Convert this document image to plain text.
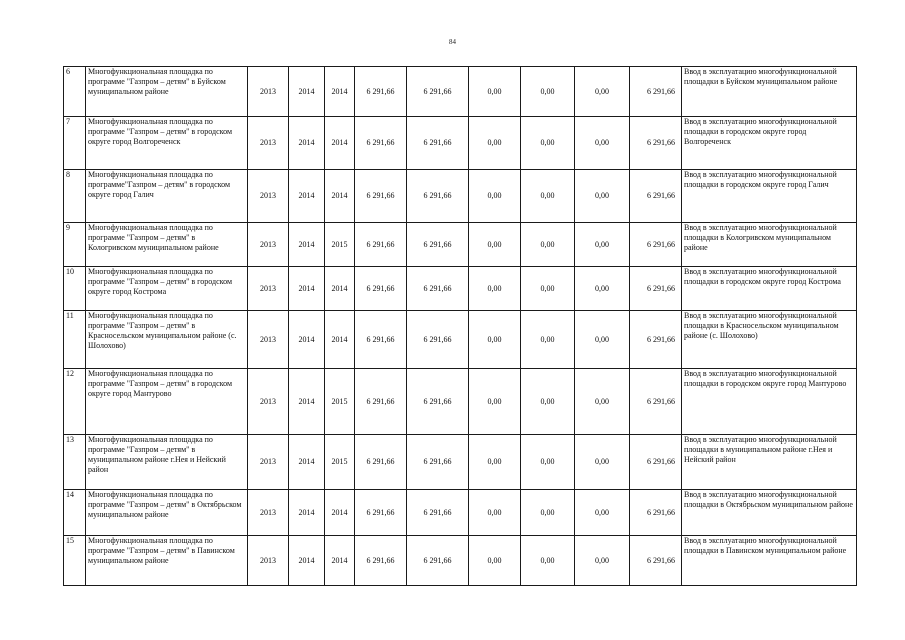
84
6	Многофункциональная площадка по программе "Газпром – детям" в Буйском муниципальном районе	2013	2014	2014	6 291,66	6 291,66	0,00	0,00	0,00	6 291,66	Ввод в эксплуатацию многофункциональной площадки в Буйском муниципальном районе
7	Многофункциональная площадка по программе "Газпром – детям" в городском округе город Волгореченск	2013	2014	2014	6 291,66	6 291,66	0,00	0,00	0,00	6 291,66	Ввод в эксплуатацию многофункциональной площадки в городском округе город Волгореченск
8	Многофункциональная площадка по программе"Газпром – детям" в городском округе город Галич	2013	2014	2014	6 291,66	6 291,66	0,00	0,00	0,00	6 291,66	Ввод в эксплуатацию многофункциональной площадки в городском округе город Галич
9	Многофункциональная площадка по программе "Газпром – детям" в Кологривском муниципальном районе	2013	2014	2015	6 291,66	6 291,66	0,00	0,00	0,00	6 291,66	Ввод в эксплуатацию многофункциональной площадки в Кологривском муниципальном районе
10	Многофункциональная площадка по программе "Газпром – детям" в городском округе город Кострома	2013	2014	2014	6 291,66	6 291,66	0,00	0,00	0,00	6 291,66	Ввод в эксплуатацию многофункциональной площадки в городском округе город Кострома
11	Многофункциональная площадка по программе "Газпром – детям" в Красносельском муниципальном районе (с. Шолохово)	2013	2014	2014	6 291,66	6 291,66	0,00	0,00	0,00	6 291,66	Ввод в эксплуатацию многофункциональной площадки в Красносельском муниципальном районе (с. Шолохово)
12	Многофункциональная площадка по программе "Газпром – детям" в городском округе город Мантурово	2013	2014	2015	6 291,66	6 291,66	0,00	0,00	0,00	6 291,66	Ввод в эксплуатацию многофункциональной площадки в городском округе город Мантурово
13	Многофункциональная площадка по программе "Газпром – детям" в муниципальном районе г.Нея и Нейский район	2013	2014	2015	6 291,66	6 291,66	0,00	0,00	0,00	6 291,66	Ввод в эксплуатацию многофункциональной площадки в муниципальном районе г.Нея и Нейский район
14	Многофункциональная площадка по программе "Газпром – детям" в Октябрьском муниципальном районе	2013	2014	2014	6 291,66	6 291,66	0,00	0,00	0,00	6 291,66	Ввод в эксплуатацию многофункциональной площадки в Октябрьском муниципальном районе
15	Многофункциональная площадка по программе "Газпром – детям" в Павинском муниципальном районе	2013	2014	2014	6 291,66	6 291,66	0,00	0,00	0,00	6 291,66	Ввод в эксплуатацию многофункциональной площадки в Павинском муниципальном районе
